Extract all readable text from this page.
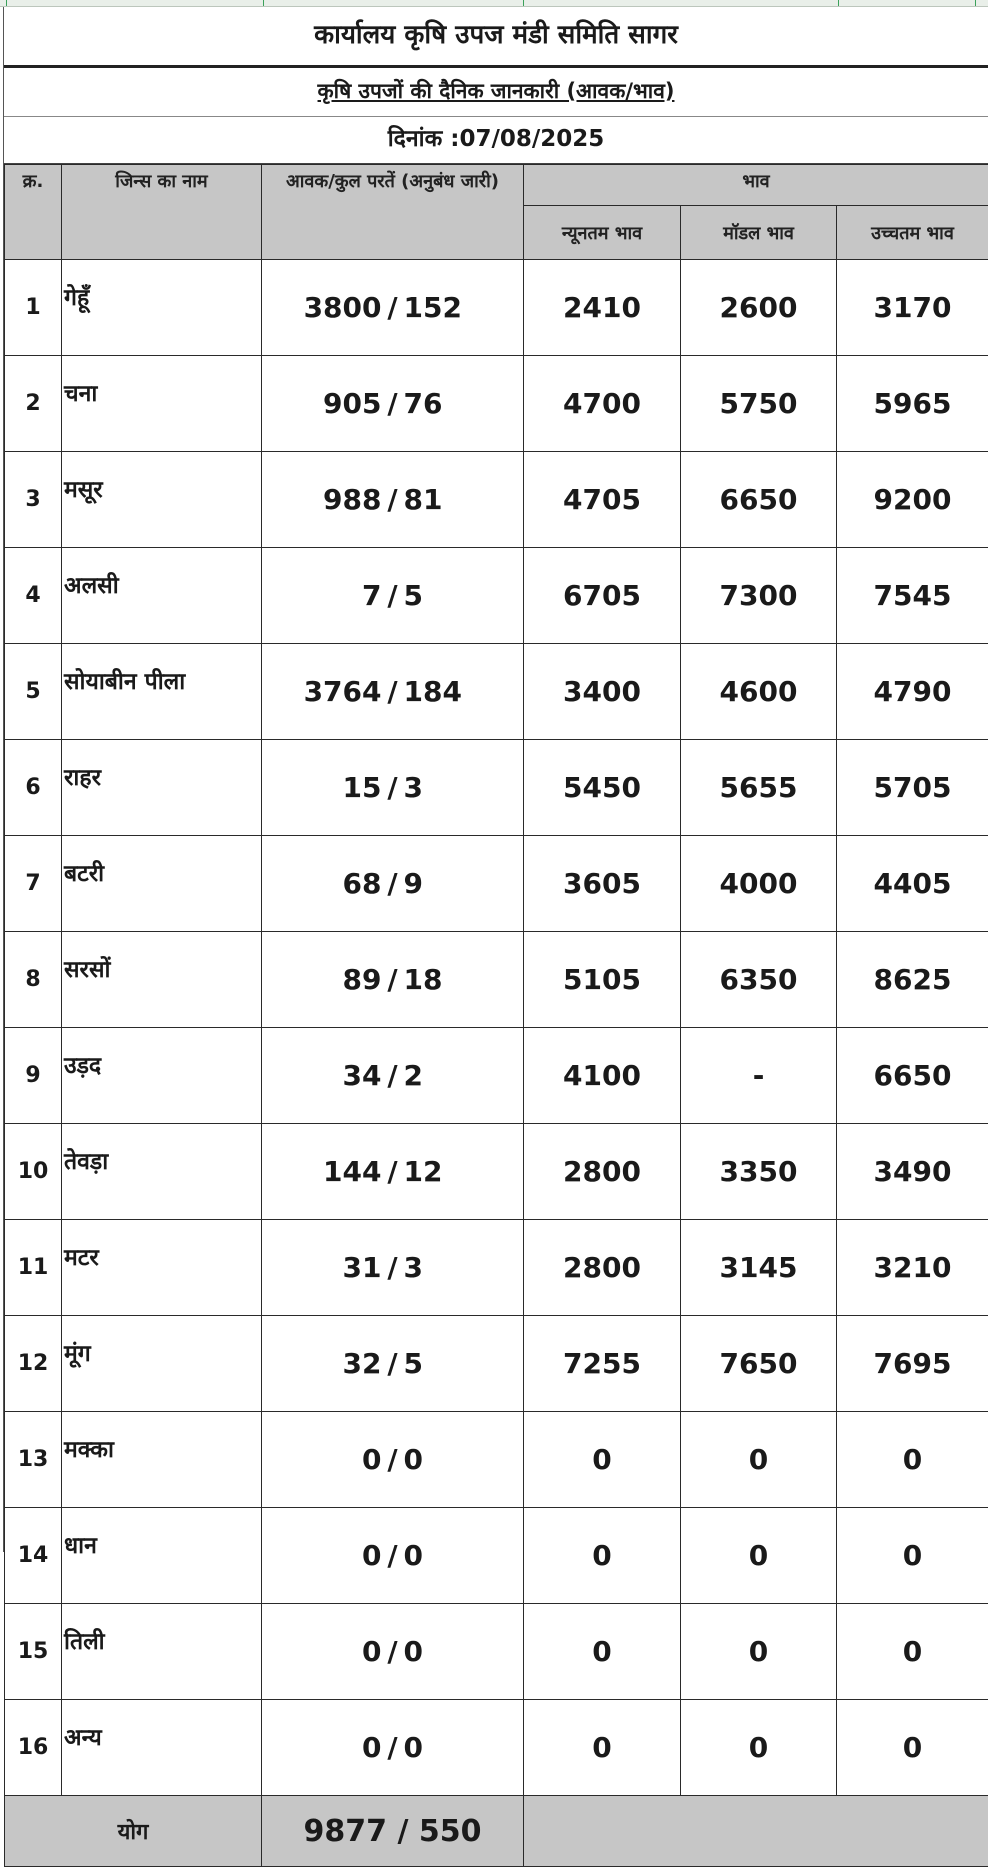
कार्यालय कृषि उपज मंडी समिति सागर
कृषि उपजों की दैनिक जानकारी (आवक/भाव)
दिनांक :07/08/2025
क्र.	जिन्स का नाम	आवक/कुल परतें (अनुबंध जारी)	भाव		
			न्यूनतम भाव	मॉडल भाव	उच्चतम भाव
1	गेहूँ	3800 / 152	2410	2600	3170
2	चना	905 / 76	4700	5750	5965
3	मसूर	988 / 81	4705	6650	9200
4	अलसी	7 / 5	6705	7300	7545
5	सोयाबीन पीला	3764 / 184	3400	4600	4790
6	राहर	15 / 3	5450	5655	5705
7	बटरी	68 / 9	3605	4000	4405
8	सरसों	89 / 18	5105	6350	8625
9	उड़द	34 / 2	4100	-	6650
10	तेवड़ा	144 / 12	2800	3350	3490
11	मटर	31 / 3	2800	3145	3210
12	मूंग	32 / 5	7255	7650	7695
13	मक्का	0 / 0	0	0	0
14	धान	0 / 0	0	0	0
15	तिली	0 / 0	0	0	0
16	अन्य	0 / 0	0	0	0
योग		9877 / 550			
